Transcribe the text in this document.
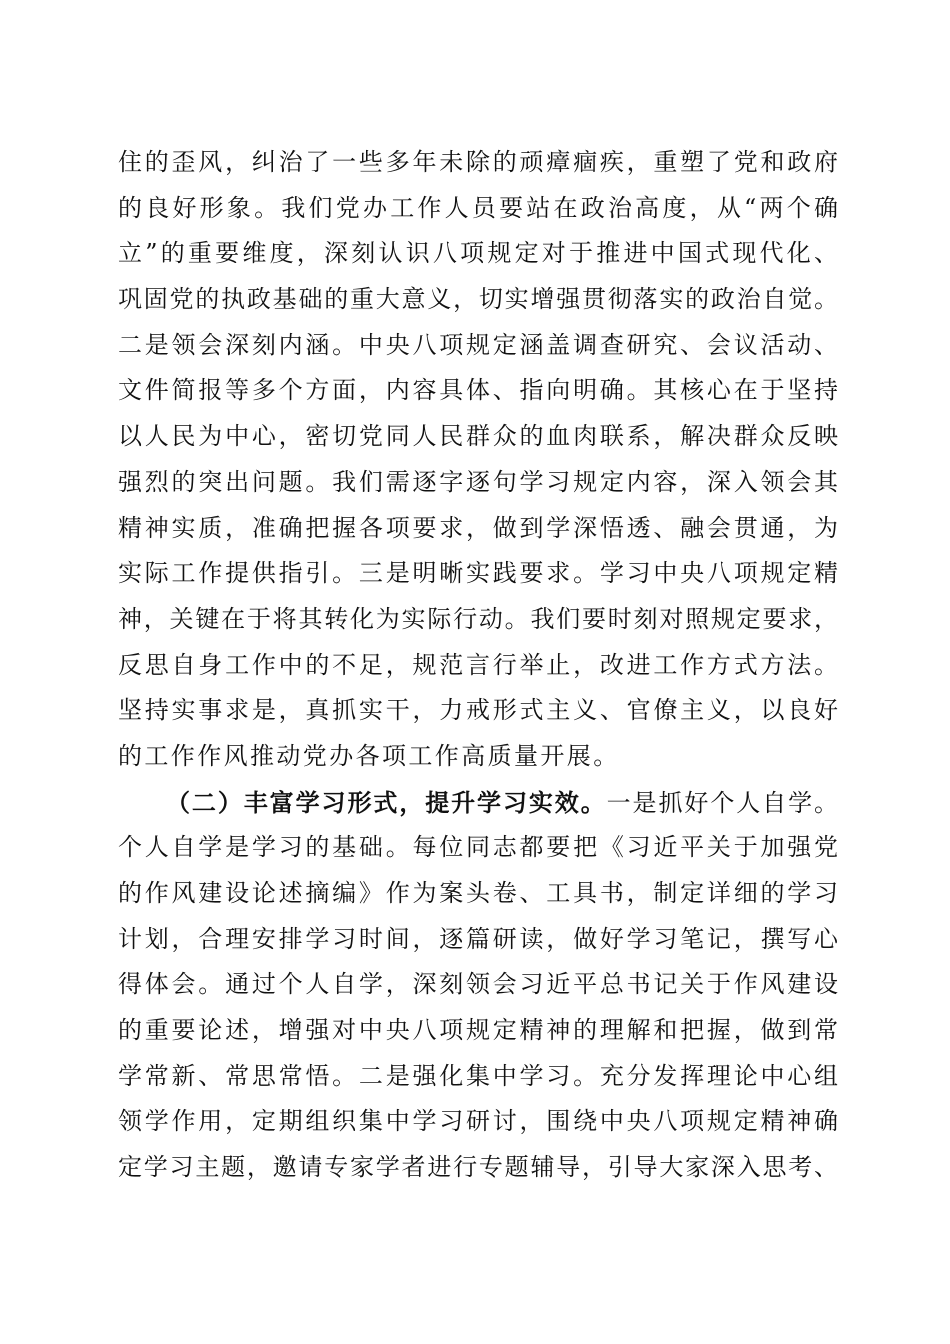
住的歪风，纠治了一些多年未除的顽瘴痼疾，重塑了党和政府
的良好形象。我们党办工作人员要站在政治高度，从“两个确
立”的重要维度，深刻认识八项规定对于推进中国式现代化、
巩固党的执政基础的重大意义，切实增强贯彻落实的政治自觉。
二是领会深刻内涵。中央八项规定涵盖调查研究、会议活动、
文件简报等多个方面，内容具体、指向明确。其核心在于坚持
以人民为中心，密切党同人民群众的血肉联系，解决群众反映
强烈的突出问题。我们需逐字逐句学习规定内容，深入领会其
精神实质，准确把握各项要求，做到学深悟透、融会贯通，为
实际工作提供指引。三是明晰实践要求。学习中央八项规定精
神，关键在于将其转化为实际行动。我们要时刻对照规定要求，
反思自身工作中的不足，规范言行举止，改进工作方式方法。
坚持实事求是，真抓实干，力戒形式主义、官僚主义，以良好
的工作作风推动党办各项工作高质量开展。
（二）丰富学习形式，提升学习实效。一是抓好个人自学。
个人自学是学习的基础。每位同志都要把《习近平关于加强党
的作风建设论述摘编》作为案头卷、工具书，制定详细的学习
计划，合理安排学习时间，逐篇研读，做好学习笔记，撰写心
得体会。通过个人自学，深刻领会习近平总书记关于作风建设
的重要论述，增强对中央八项规定精神的理解和把握，做到常
学常新、常思常悟。二是强化集中学习。充分发挥理论中心组
领学作用，定期组织集中学习研讨，围绕中央八项规定精神确
定学习主题，邀请专家学者进行专题辅导，引导大家深入思考、
